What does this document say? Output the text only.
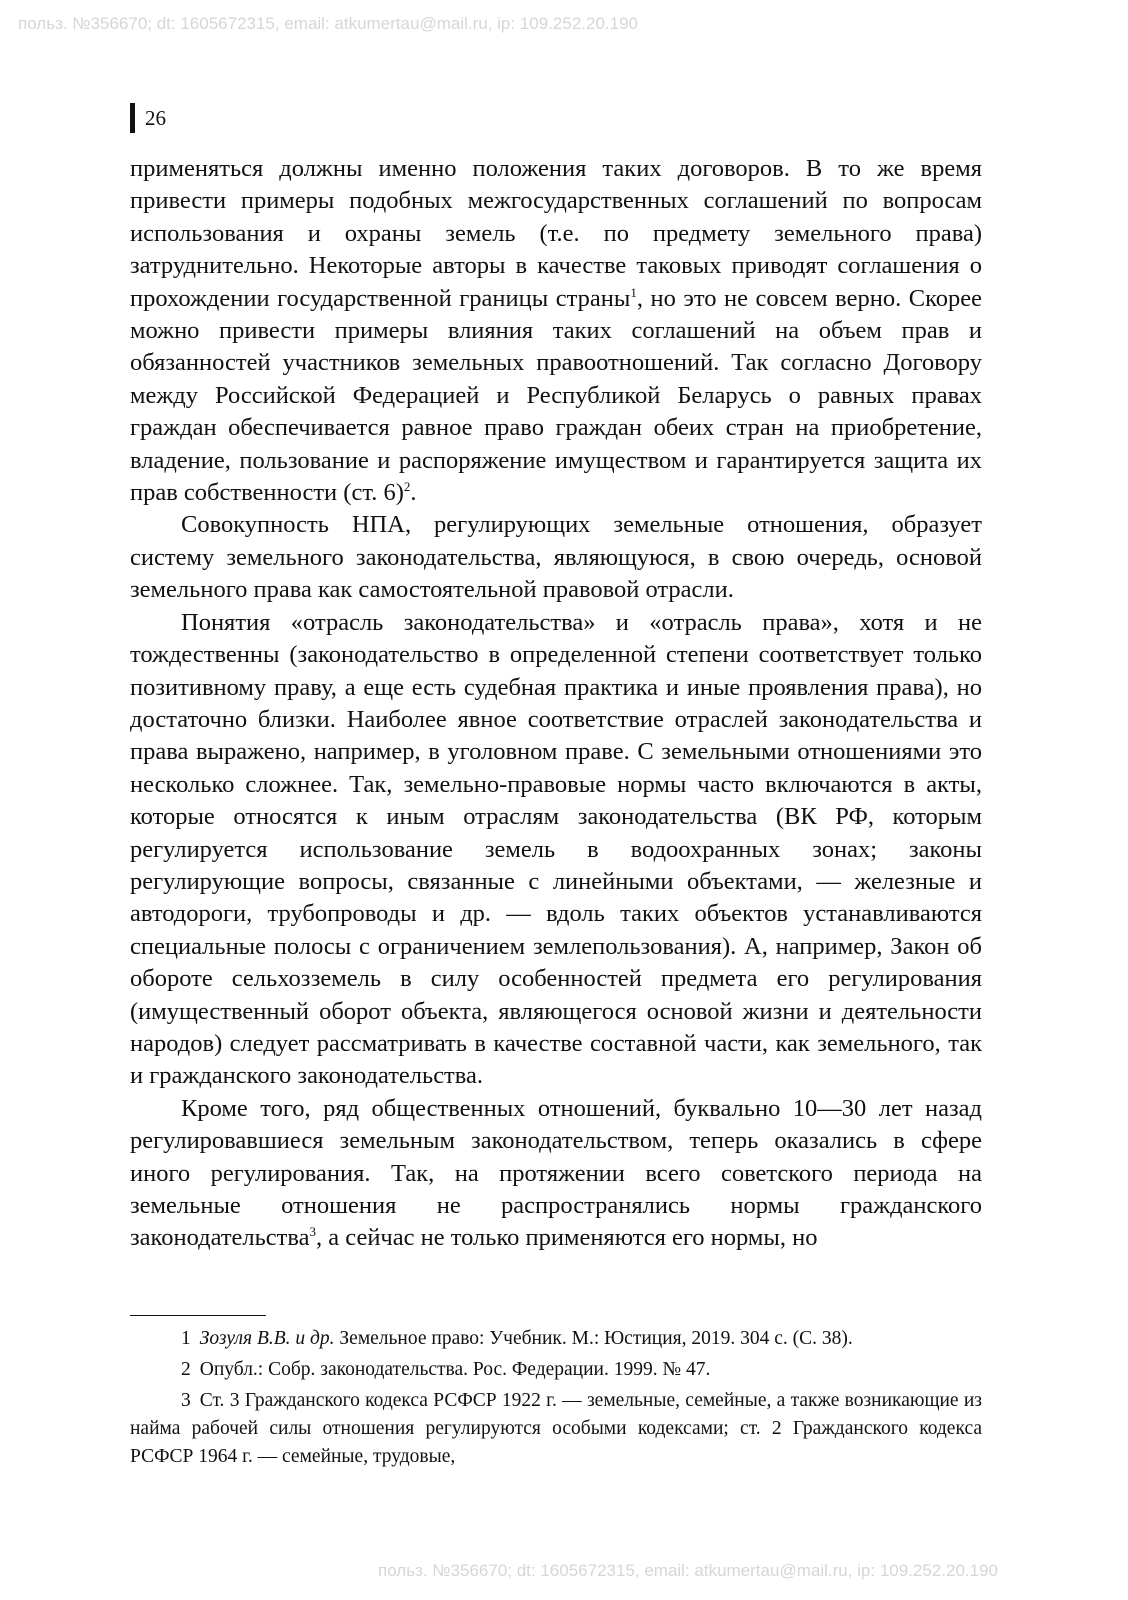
польз. №356670; dt: 1605672315, email: atkumertau@mail.ru, ip: 109.252.20.190
26

применяться должны именно положения таких договоров. В то же время привести примеры подобных межгосударственных соглашений по вопросам использования и охраны земель (т.е. по предмету земельного права) затруднительно. Некоторые авторы в качестве таковых приводят соглашения о прохождении государственной границы страны$^1$, но это не совсем верно. Скорее можно привести примеры влияния таких соглашений на объем прав и обязанностей участников земельных правоотношений. Так согласно Договору между Российской Федерацией и Республикой Беларусь о равных правах граждан обеспечивается равное право граждан обеих стран на приобретение, владение, пользование и распоряжение имуществом и гарантируется защита их прав собственности (ст. 6)$^2$.

Совокупность НПА, регулирующих земельные отношения, образует систему земельного законодательства, являющуюся, в свою очередь, основой земельного права как самостоятельной правовой отрасли.

Понятия «отрасль законодательства» и «отрасль права», хотя и не тождественны (законодательство в определенной степени соответствует только позитивному праву, а еще есть судебная практика и иные проявления права), но достаточно близки. Наиболее явное соответствие отраслей законодательства и права выражено, например, в уголовном праве. С земельными отношениями это несколько сложнее. Так, земельно-правовые нормы часто включаются в акты, которые относятся к иным отраслям законодательства (ВК РФ, которым регулируется использование земель в водоохранных зонах; законы регулирующие вопросы, связанные с линейными объектами, — железные и автодороги, трубопроводы и др. — вдоль таких объектов устанавливаются специальные полосы с ограничением землепользования). А, например, Закон об обороте сельхозземель в силу особенностей предмета его регулирования (имущественный оборот объекта, являющегося основой жизни и деятельности народов) следует рассматривать в качестве составной части, как земельного, так и гражданского законодательства.

Кроме того, ряд общественных отношений, буквально 10—30 лет назад регулировавшиеся земельным законодательством, теперь оказались в сфере иного регулирования. Так, на протяжении всего советского периода на земельные отношения не распространялись нормы гражданского законодательства$^3$, а сейчас не только применяются его нормы, но

1 Зозуля В.В. и др. Земельное право: Учебник. М.: Юстиция, 2019. 304 с. (С. 38).

2 Опубл.: Собр. законодательства. Рос. Федерации. 1999. № 47.

3 Ст. 3 Гражданского кодекса РСФСР 1922 г. — земельные, семейные, а также возникающие из найма рабочей силы отношения регулируются особыми кодексами; ст. 2 Гражданского кодекса РСФСР 1964 г. — семейные, трудовые,

польз. №356670; dt: 1605672315, email: atkumertau@mail.ru, ip: 109.252.20.190
